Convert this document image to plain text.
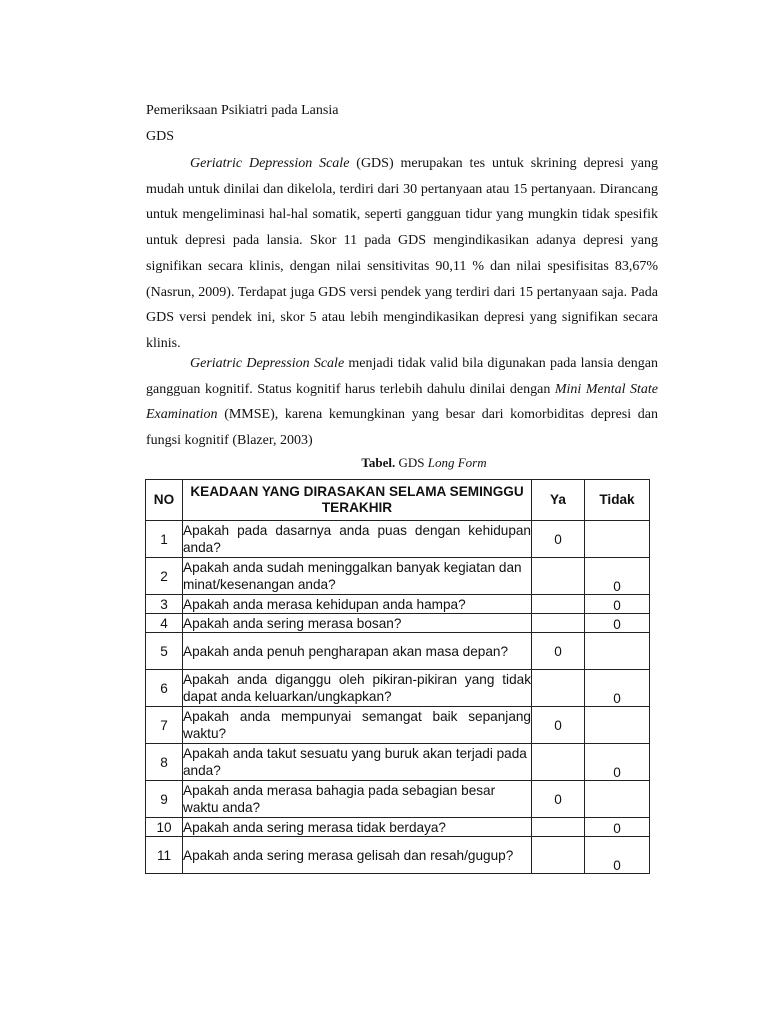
Pemeriksaan Psikiatri pada Lansia
GDS
Geriatric Depression Scale (GDS) merupakan tes untuk skrining depresi yang mudah untuk dinilai dan dikelola, terdiri dari 30 pertanyaan atau 15 pertanyaan. Dirancang untuk mengeliminasi hal-hal somatik, seperti gangguan tidur yang mungkin tidak spesifik untuk depresi pada lansia. Skor 11 pada GDS mengindikasikan adanya depresi yang signifikan secara klinis, dengan nilai sensitivitas 90,11 % dan nilai spesifisitas 83,67% (Nasrun, 2009). Terdapat juga GDS versi pendek yang terdiri dari 15 pertanyaan saja. Pada GDS versi pendek ini, skor 5 atau lebih mengindikasikan depresi yang signifikan secara klinis.
Geriatric Depression Scale menjadi tidak valid bila digunakan pada lansia dengan gangguan kognitif. Status kognitif harus terlebih dahulu dinilai dengan Mini Mental State Examination (MMSE), karena kemungkinan yang besar dari komorbiditas depresi dan fungsi kognitif (Blazer, 2003)
Tabel. GDS Long Form
NO	KEADAAN YANG DIRASAKAN SELAMA SEMINGGU TERAKHIR	Ya	Tidak
1	Apakah pada dasarnya anda puas dengan kehidupan anda?	0	
2	Apakah anda sudah meninggalkan banyak kegiatan dan minat/kesenangan anda?		0
3	Apakah anda merasa kehidupan anda hampa?		0
4	Apakah anda sering merasa bosan?		0
5	Apakah anda penuh pengharapan akan masa depan?	0	
6	Apakah anda diganggu oleh pikiran-pikiran yang tidak dapat anda keluarkan/ungkapkan?		0
7	Apakah anda mempunyai semangat baik sepanjang waktu?	0	
8	Apakah anda takut sesuatu yang buruk akan terjadi pada anda?		0
9	Apakah anda merasa bahagia pada sebagian besar waktu anda?	0	
10	Apakah anda sering merasa tidak berdaya?		0
11	Apakah anda sering merasa gelisah dan resah/gugup?		0
